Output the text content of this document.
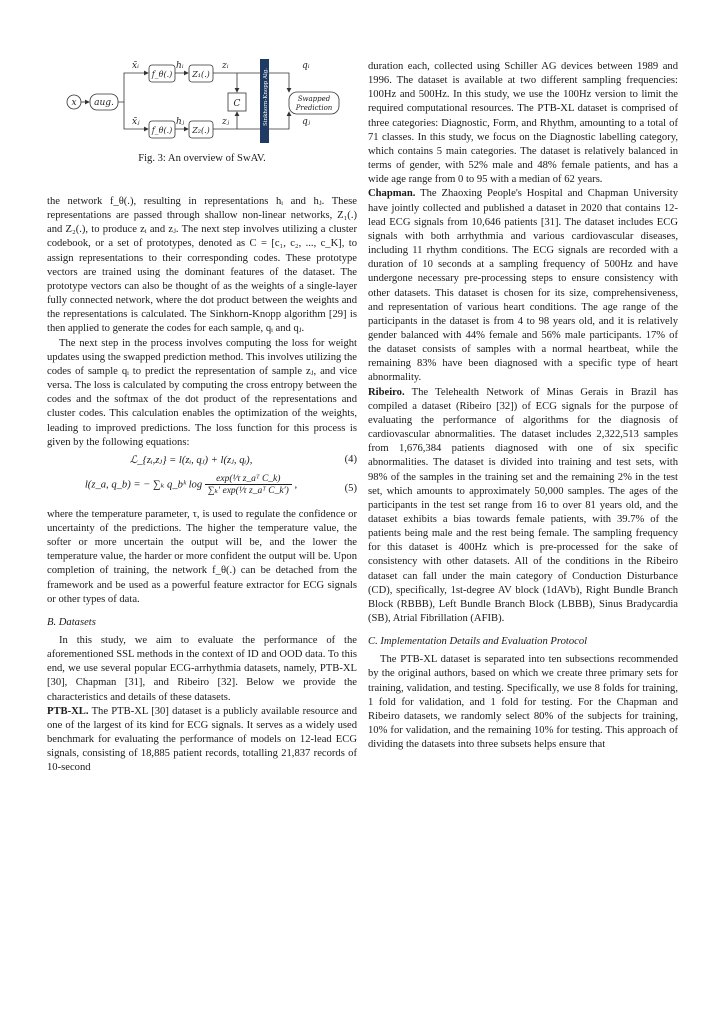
x aug.
x̃ᵢ
x̃ⱼ
f_θ(.)
f_θ(.)
hᵢ
hⱼ
Z₁(.)
Z₂(.)
zᵢ
zⱼ
C	Sinkhorn-Knopp Alg.
qᵢ
qⱼ
Swapped
Prediction
Fig. 3: An overview of SwAV.

the network f_θ(.), resulting in representations hᵢ and hⱼ. These representations are passed through shallow non-linear networks, Z₁(.) and Z₂(.), to produce zᵢ and zⱼ. The next step involves utilizing a cluster codebook, or a set of prototypes, denoted as C = [c₁, c₂, ..., c_K], to assign representations to their corresponding codes. These prototype vectors are trained using the dominant features of the dataset. The prototype vectors can also be thought of as the weights of a single-layer fully connected network, where the dot product between the weights and the representations is calculated. The Sinkhorn-Knopp algorithm [29] is then applied to generate the codes for each sample, qᵢ and qⱼ.

The next step in the process involves computing the loss for weight updates using the swapped prediction method. This involves utilizing the codes of sample qᵢ to predict the representation of sample zⱼ, and vice versa. The loss is calculated by computing the cross entropy between the codes and the softmax of the dot product of the representations and cluster codes. This calculation enables the optimization of the weights, leading to improved predictions. The loss function for this process is given by the following equations:

ℒ_{zᵢ,zⱼ} = l(zᵢ, qⱼ) + l(zⱼ, qᵢ),	(4)
l(z_a, q_b) = − ∑ₖ q_bᵏ $\log \frac{\text{exp(¹⁄τ z\_aᵀ C\_k)}}{\text{∑ₖ′ exp(¹⁄τ z\_aᵀ C\_k′)}}$ ,	(5)

where the temperature parameter, τ, is used to regulate the confidence or uncertainty of the predictions. The higher the temperature value, the softer or more uncertain the output will be, and the lower the temperature value, the harder or more confident the output will be. Upon completion of training, the network f_θ(.) can be detached from the framework and be used as a powerful feature extractor for ECG signals or other types of data.

B. Datasets

In this study, we aim to evaluate the performance of the aforementioned SSL methods in the context of ID and OOD data. To this end, we use several popular ECG-arrhythmia datasets, namely, PTB-XL [30], Chapman [31], and Ribeiro [32]. Below we provide the characteristics and details of these datasets.

PTB-XL. The PTB-XL [30] dataset is a publicly available resource and one of the largest of its kind for ECG signals. It serves as a widely used benchmark for evaluating the performance of models on 12-lead ECG signals, consisting of 18,885 patient records, totalling 21,837 records of 10-second

duration each, collected using Schiller AG devices between 1989 and 1996. The dataset is available at two different sampling frequencies: 100Hz and 500Hz. In this study, we use the 100Hz version to limit the required computational resources. The PTB-XL dataset is comprised of three categories: Diagnostic, Form, and Rhythm, amounting to a total of 71 classes. In this study, we focus on the Diagnostic labelling category, which contains 5 main categories. The dataset is relatively balanced in terms of gender, with 52% male and 48% female patients, and has a wide age range from 0 to 95 with a median of 62 years.

Chapman. The Zhaoxing People's Hospital and Chapman University have jointly collected and published a dataset in 2020 that contains 12-lead ECG signals from 10,646 patients [31]. The dataset includes ECG signals with both arrhythmia and various cardiovascular diseases, including 11 rhythm conditions. The ECG signals are recorded with a duration of 10 seconds at a sampling frequency of 500Hz and have undergone necessary pre-processing steps to ensure consistency with other datasets. This dataset is chosen for its size, comprehensiveness, and representation of various heart conditions. The age range of the participants in the dataset is from 4 to 98 years old, and it is relatively gender balanced with 44% female and 56% male participants. 17% of the dataset consists of samples with a normal heartbeat, while the remaining 83% have been diagnosed with a specific type of heart abnormality.

Ribeiro. The Telehealth Network of Minas Gerais in Brazil has compiled a dataset (Ribeiro [32]) of ECG signals for the purpose of evaluating the performance of algorithms for the diagnosis of cardiovascular abnormalities. The dataset includes 2,322,513 samples from 1,676,384 patients diagnosed with one of six specific abnormalities. The dataset is divided into training and test sets, with 98% of the samples in the training set and the remaining 2% in the test set, which amounts to approximately 50,000 samples. The ages of the participants in the test set range from 16 to over 81 years old, and the dataset exhibits a bias towards female patients, with 39.7% of the patients being male and the rest being female. The sampling frequency for this dataset is 400Hz which is pre-processed for the sake of consistency with other datasets. All of the conditions in the Ribeiro dataset can fall under the main category of Conduction Disturbance (CD), specifically, 1st-degree AV block (1dAVb), Right Bundle Branch Block (RBBB), Left Bundle Branch Block (LBBB), Sinus Bradycardia (SB), Atrial Fibrillation (AFIB).

C. Implementation Details and Evaluation Protocol

The PTB-XL dataset is separated into ten subsections recommended by the original authors, based on which we create three primary sets for training, validation, and testing. Specifically, we use 8 folds for training, 1 fold for validation, and 1 fold for testing. For the Chapman and Ribeiro datasets, we randomly select 80% of the subjects for training, 10% for validation, and the remaining 10% for testing. This approach of dividing the datasets into three subsets helps ensure that
